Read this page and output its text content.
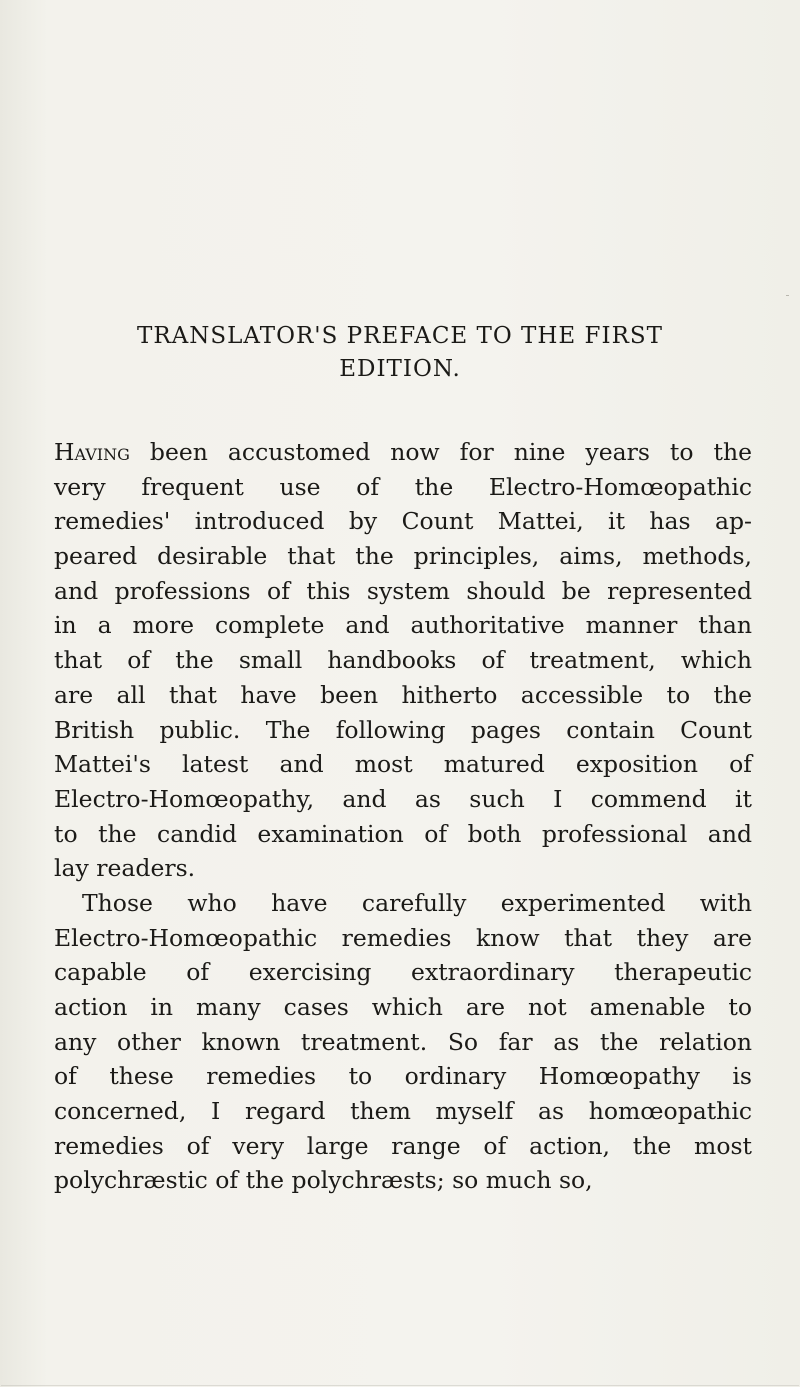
TRANSLATOR'S PREFACE TO THE FIRST
EDITION.
Having been accustomed now for nine years to the
very frequent use of the Electro-Homœopathic
remedies' introduced by Count Mattei, it has ap-
peared desirable that the principles, aims, methods,
and professions of this system should be represented
in a more complete and authoritative manner than
that of the small handbooks of treatment, which
are all that have been hitherto accessible to the
British public. The following pages contain Count
Mattei's latest and most matured exposition of
Electro-Homœopathy, and as such I commend it
to the candid examination of both professional and
lay readers.
Those who have carefully experimented with
Electro-Homœopathic remedies know that they are
capable of exercising extraordinary therapeutic
action in many cases which are not amenable to
any other known treatment. So far as the relation
of these remedies to ordinary Homœopathy is
concerned, I regard them myself as homœopathic
remedies of very large range of action, the most
polychræstic of the polychræsts; so much so,
